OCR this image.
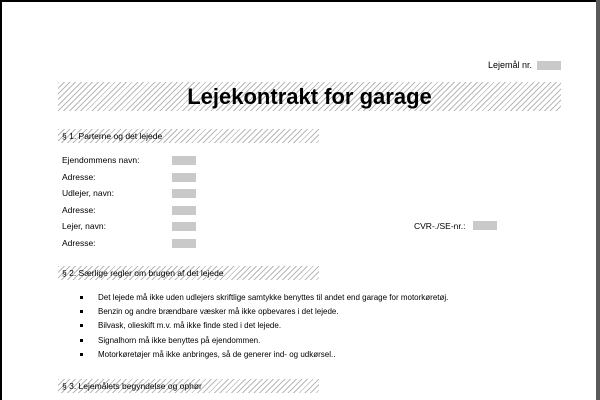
Lejemål nr.
Lejekontrakt for garage
§ 1. Parterne og det lejede
Ejendommens navn:
Adresse:
Udlejer, navn:
Adresse:
Lejer, navn:
Adresse:
CVR-./SE-nr.:
§ 2. Særlige regler om brugen af det lejede
Det lejede må ikke uden udlejers skriftlige samtykke benyttes til andet end garage for motorkøretøj.
Benzin og andre brændbare væsker må ikke opbevares i det lejede.
Bilvask, olieskift m.v. må ikke finde sted i det lejede.
Signalhorn må ikke benyttes på ejendommen.
Motorkøretøjer må ikke anbringes, så de generer ind- og udkørsel..
§ 3. Lejemålets begyndelse og ophør
